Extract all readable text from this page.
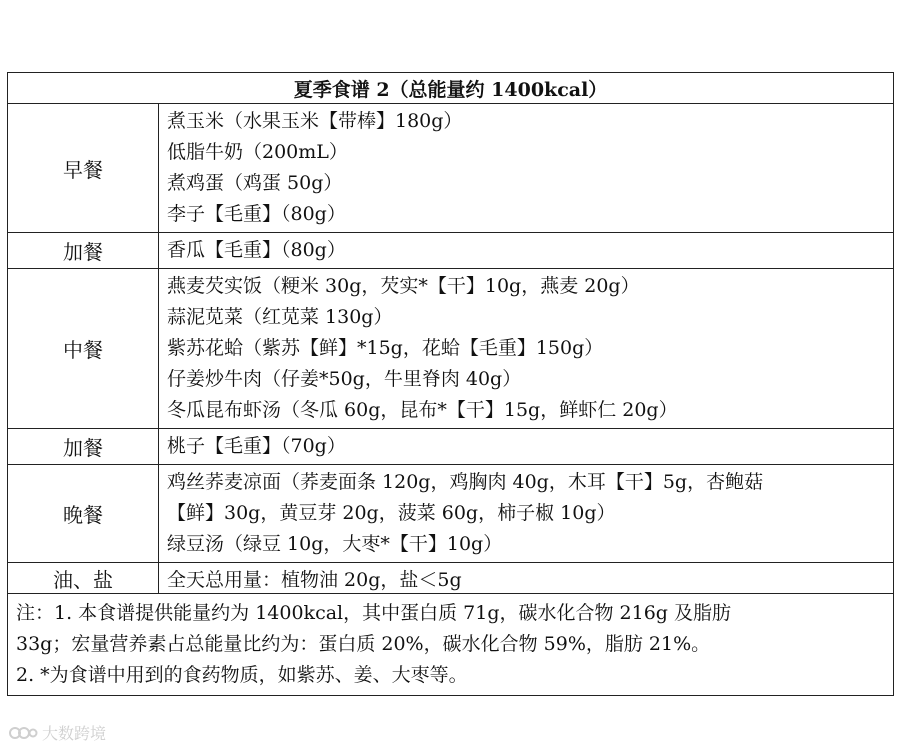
夏季食谱 2（总能量约 1400kcal）	
早餐	煮玉米（水果玉米【带棒】180g）
低脂牛奶（200mL）
煮鸡蛋（鸡蛋 50g）
李子【毛重】（80g）

加餐	香瓜【毛重】（80g）

中餐	燕麦芡实饭（粳米 30g，芡实*【干】10g，燕麦 20g）
蒜泥苋菜（红苋菜 130g）
紫苏花蛤（紫苏【鲜】*15g，花蛤【毛重】150g）
仔姜炒牛肉（仔姜*50g，牛里脊肉 40g）
冬瓜昆布虾汤（冬瓜 60g，昆布*【干】15g，鲜虾仁 20g）

加餐	桃子【毛重】（70g）

晚餐	鸡丝荞麦凉面（荞麦面条 120g，鸡胸肉 40g，木耳【干】5g，杏鲍菇
【鲜】30g，黄豆芽 20g，菠菜 60g，柿子椒 10g）
绿豆汤（绿豆 10g，大枣*【干】10g）

油、盐	全天总用量：植物油 20g，盐＜5g

注：1. 本食谱提供能量约为 1400kcal，其中蛋白质 71g，碳水化合物 216g 及脂肪
33g；宏量营养素占总能量比约为：蛋白质 20%，碳水化合物 59%，脂肪 21%。
2. *为食谱中用到的食药物质，如紫苏、姜、大枣等。	
大数跨境
